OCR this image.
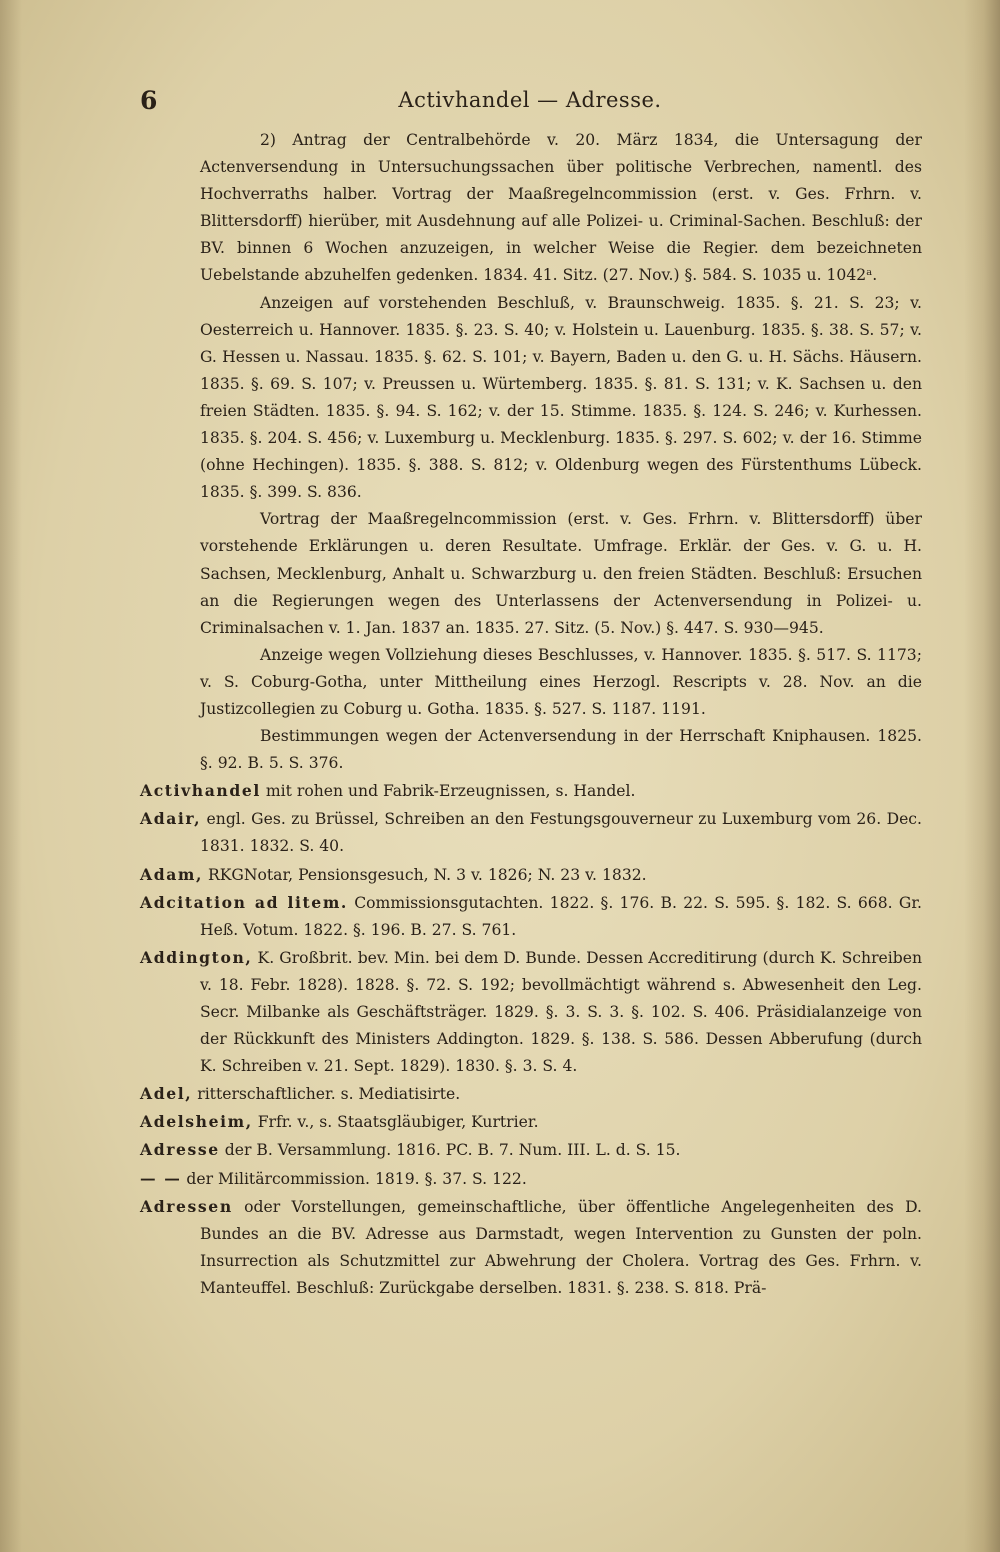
6	Activhandel — Adresse.

2) Antrag der Centralbehörde v. 20. März 1834, die Untersagung der Actenversendung in Untersuchungssachen über politische Verbrechen, namentl. des Hochverraths halber. Vortrag der Maaßregelncommission (erst. v. Ges. Frhrn. v. Blittersdorff) hierüber, mit Ausdehnung auf alle Polizei- u. Criminal-Sachen. Beschluß: der BV. binnen 6 Wochen anzuzeigen, in welcher Weise die Regier. dem bezeichneten Uebelstande abzuhelfen gedenken. 1834. 41. Sitz. (27. Nov.) §. 584. S. 1035 u. 1042ᵃ.

Anzeigen auf vorstehenden Beschluß, v. Braunschweig. 1835. §. 21. S. 23; v. Oesterreich u. Hannover. 1835. §. 23. S. 40; v. Holstein u. Lauenburg. 1835. §. 38. S. 57; v. G. Hessen u. Nassau. 1835. §. 62. S. 101; v. Bayern, Baden u. den G. u. H. Sächs. Häusern. 1835. §. 69. S. 107; v. Preussen u. Würtemberg. 1835. §. 81. S. 131; v. K. Sachsen u. den freien Städten. 1835. §. 94. S. 162; v. der 15. Stimme. 1835. §. 124. S. 246; v. Kurhessen. 1835. §. 204. S. 456; v. Luxemburg u. Mecklenburg. 1835. §. 297. S. 602; v. der 16. Stimme (ohne Hechingen). 1835. §. 388. S. 812; v. Oldenburg wegen des Fürstenthums Lübeck. 1835. §. 399. S. 836.

Vortrag der Maaßregelncommission (erst. v. Ges. Frhrn. v. Blittersdorff) über vorstehende Erklärungen u. deren Resultate. Umfrage. Erklär. der Ges. v. G. u. H. Sachsen, Mecklenburg, Anhalt u. Schwarzburg u. den freien Städten. Beschluß: Ersuchen an die Regierungen wegen des Unterlassens der Actenversendung in Polizei- u. Criminalsachen v. 1. Jan. 1837 an. 1835. 27. Sitz. (5. Nov.) §. 447. S. 930—945.

Anzeige wegen Vollziehung dieses Beschlusses, v. Hannover. 1835. §. 517. S. 1173; v. S. Coburg-Gotha, unter Mittheilung eines Herzogl. Rescripts v. 28. Nov. an die Justizcollegien zu Coburg u. Gotha. 1835. §. 527. S. 1187. 1191.

Bestimmungen wegen der Actenversendung in der Herrschaft Kniphausen. 1825. §. 92. B. 5. S. 376.

Activhandel mit rohen und Fabrik-Erzeugnissen, s. Handel.

Adair, engl. Ges. zu Brüssel, Schreiben an den Festungsgouverneur zu Luxemburg vom 26. Dec. 1831. 1832. S. 40.

Adam, RKGNotar, Pensionsgesuch, N. 3 v. 1826; N. 23 v. 1832.

Adcitation ad litem. Commissionsgutachten. 1822. §. 176. B. 22. S. 595. §. 182. S. 668. Gr. Heß. Votum. 1822. §. 196. B. 27. S. 761.

Addington, K. Großbrit. bev. Min. bei dem D. Bunde. Dessen Accreditirung (durch K. Schreiben v. 18. Febr. 1828). 1828. §. 72. S. 192; bevollmächtigt während s. Abwesenheit den Leg. Secr. Milbanke als Geschäftsträger. 1829. §. 3. S. 3. §. 102. S. 406. Präsidialanzeige von der Rückkunft des Ministers Addington. 1829. §. 138. S. 586. Dessen Abberufung (durch K. Schreiben v. 21. Sept. 1829). 1830. §. 3. S. 4.

Adel, ritterschaftlicher. s. Mediatisirte.

Adelsheim, Frfr. v., s. Staatsgläubiger, Kurtrier.

Adresse der B. Versammlung. 1816. PC. B. 7. Num. III. L. d. S. 15.

— — der Militärcommission. 1819. §. 37. S. 122.

Adressen oder Vorstellungen, gemeinschaftliche, über öffentliche Angelegenheiten des D. Bundes an die BV. Adresse aus Darmstadt, wegen Intervention zu Gunsten der poln. Insurrection als Schutzmittel zur Abwehrung der Cholera. Vortrag des Ges. Frhrn. v. Manteuffel. Beschluß: Zurückgabe derselben. 1831. §. 238. S. 818. Prä-
